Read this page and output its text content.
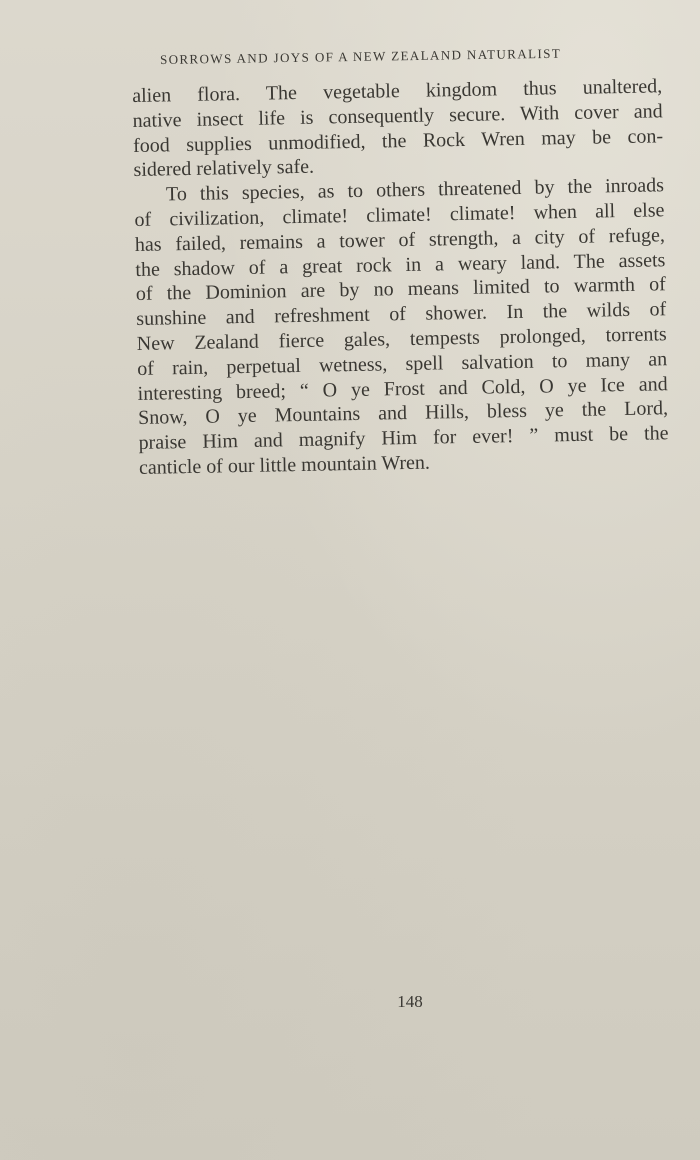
SORROWS AND JOYS OF A NEW ZEALAND NATURALIST
alien flora. The vegetable kingdom thus unaltered,
native insect life is consequently secure. With cover and
food supplies unmodified, the Rock Wren may be con-
sidered relatively safe.
To this species, as to others threatened by the inroads
of civilization, climate! climate! climate! when all else
has failed, remains a tower of strength, a city of refuge,
the shadow of a great rock in a weary land. The assets
of the Dominion are by no means limited to warmth of
sunshine and refreshment of shower. In the wilds of
New Zealand fierce gales, tempests prolonged, torrents
of rain, perpetual wetness, spell salvation to many an
interesting breed; “ O ye Frost and Cold, O ye Ice and
Snow, O ye Mountains and Hills, bless ye the Lord,
praise Him and magnify Him for ever! ” must be the
canticle of our little mountain Wren.
148
